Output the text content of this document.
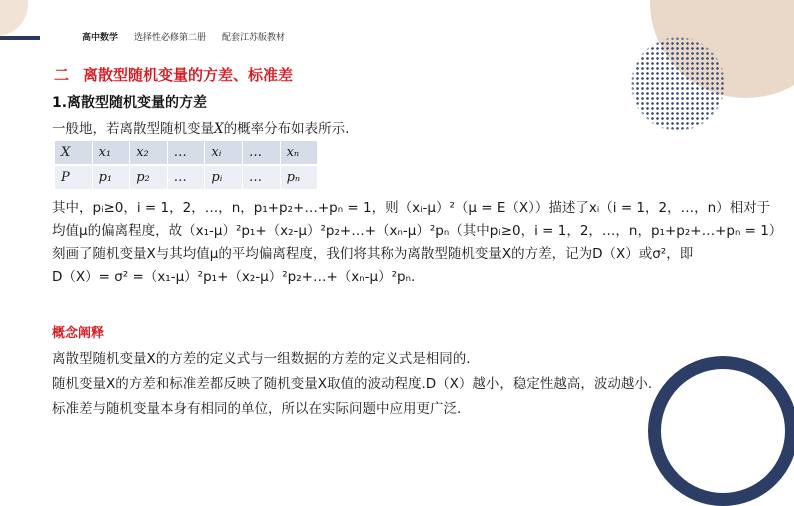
高中数学 选择性必修第二册 配套江苏版教材
二 离散型随机变量的方差、标准差
1.离散型随机变量的方差
一般地，若离散型随机变量X的概率分布如表所示.
X	x₁	x₂	…	xᵢ	…	xₙ
P	p₁	p₂	…	pᵢ	…	pₙ
其中，pᵢ≥0，i = 1，2，…，n，p₁+p₂+…+pₙ = 1，则（xᵢ-μ）²（μ = E（X））描述了xᵢ（i = 1，2，…，n）相对于
均值μ的偏离程度，故（x₁-μ）²p₁+（x₂-μ）²p₂+…+（xₙ-μ）²pₙ（其中pᵢ≥0，i = 1，2，…，n，p₁+p₂+…+pₙ = 1）
刻画了随机变量X与其均值μ的平均偏离程度，我们将其称为离散型随机变量X的方差，记为D（X）或σ²，即
D（X）= σ² =（x₁-μ）²p₁+（x₂-μ）²p₂+…+（xₙ-μ）²pₙ.
概念阐释
离散型随机变量X的方差的定义式与一组数据的方差的定义式是相同的.
随机变量X的方差和标准差都反映了随机变量X取值的波动程度.D（X）越小，稳定性越高，波动越小.
标准差与随机变量本身有相同的单位，所以在实际问题中应用更广泛.
